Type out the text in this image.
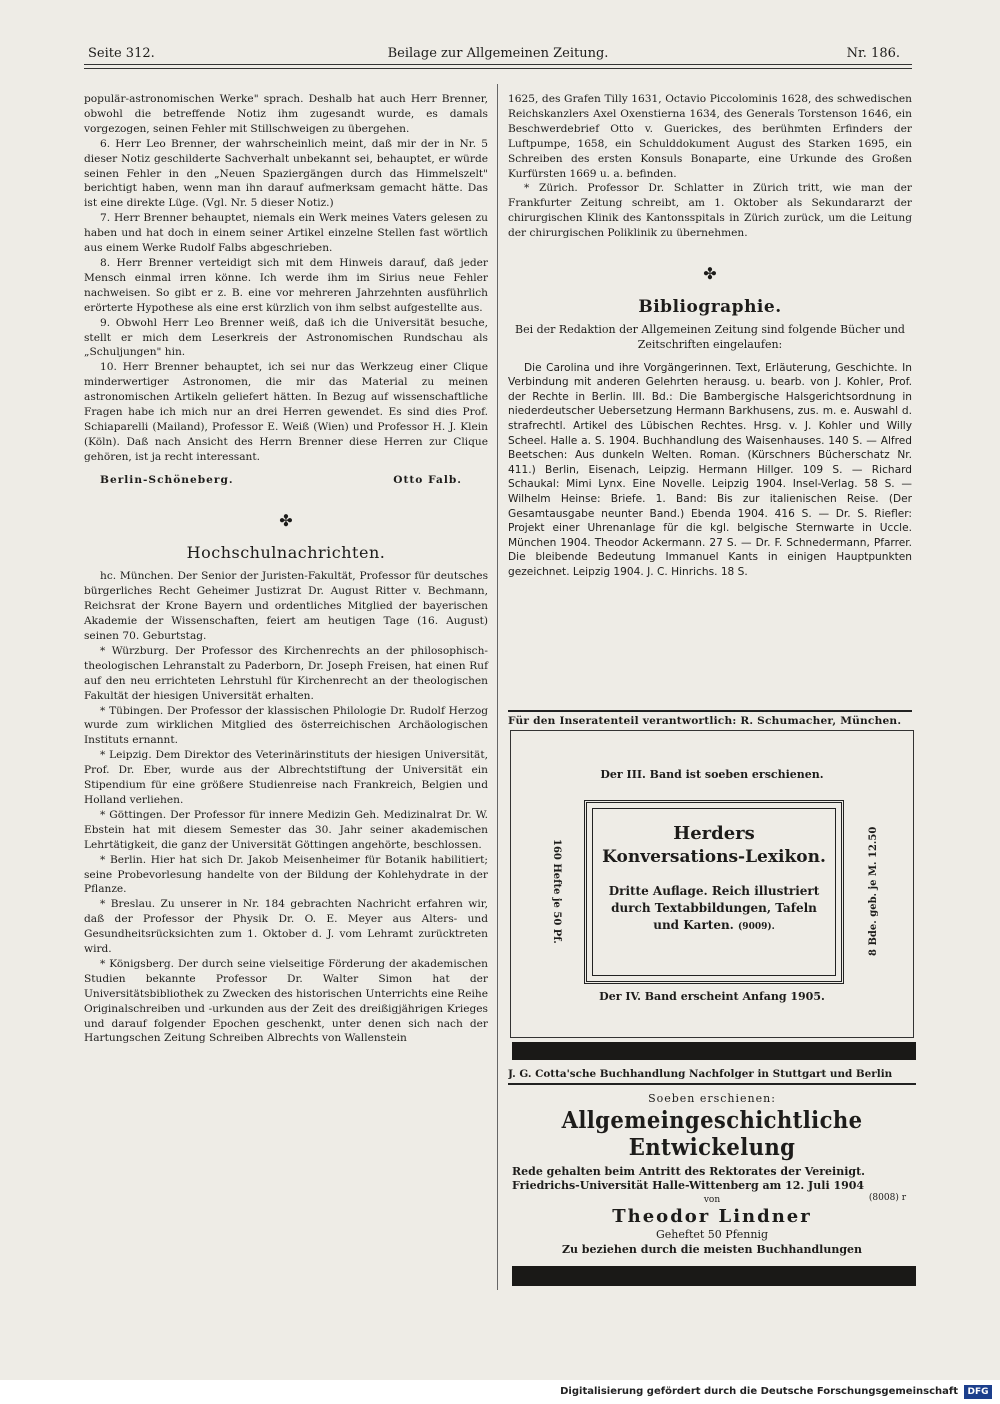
Seite 312.	Beilage zur Allgemeinen Zeitung.	Nr. 186.

populär-astronomischen Werke" sprach. Deshalb hat auch Herr Brenner, obwohl die betreffende Notiz ihm zugesandt wurde, es damals vorgezogen, seinen Fehler mit Stillschweigen zu übergehen.

6. Herr Leo Brenner, der wahrscheinlich meint, daß mir der in Nr. 5 dieser Notiz geschilderte Sachverhalt unbekannt sei, behauptet, er würde seinen Fehler in den „Neuen Spaziergängen durch das Himmelszelt" berichtigt haben, wenn man ihn darauf aufmerksam gemacht hätte. Das ist eine direkte Lüge. (Vgl. Nr. 5 dieser Notiz.)

7. Herr Brenner behauptet, niemals ein Werk meines Vaters gelesen zu haben und hat doch in einem seiner Artikel einzelne Stellen fast wörtlich aus einem Werke Rudolf Falbs abgeschrieben.

8. Herr Brenner verteidigt sich mit dem Hinweis darauf, daß jeder Mensch einmal irren könne. Ich werde ihm im Sirius neue Fehler nachweisen. So gibt er z. B. eine vor mehreren Jahrzehnten ausführlich erörterte Hypothese als eine erst kürzlich von ihm selbst aufgestellte aus.

9. Obwohl Herr Leo Brenner weiß, daß ich die Universität besuche, stellt er mich dem Leserkreis der Astronomischen Rundschau als „Schuljungen" hin.

10. Herr Brenner behauptet, ich sei nur das Werkzeug einer Clique minderwertiger Astronomen, die mir das Material zu meinen astronomischen Artikeln geliefert hätten. In Bezug auf wissenschaftliche Fragen habe ich mich nur an drei Herren gewendet. Es sind dies Prof. Schiaparelli (Mailand), Professor E. Weiß (Wien) und Professor H. J. Klein (Köln). Daß nach Ansicht des Herrn Brenner diese Herren zur Clique gehören, ist ja recht interessant.

Berlin-Schöneberg.	Otto Falb.
✤
Hochschulnachrichten.

hc. München. Der Senior der Juristen-Fakultät, Professor für deutsches bürgerliches Recht Geheimer Justizrat Dr. August Ritter v. Bechmann, Reichsrat der Krone Bayern und ordentliches Mitglied der bayerischen Akademie der Wissenschaften, feiert am heutigen Tage (16. August) seinen 70. Geburtstag.

* Würzburg. Der Professor des Kirchenrechts an der philosophisch-theologischen Lehranstalt zu Paderborn, Dr. Joseph Freisen, hat einen Ruf auf den neu errichteten Lehrstuhl für Kirchenrecht an der theologischen Fakultät der hiesigen Universität erhalten.

* Tübingen. Der Professor der klassischen Philologie Dr. Rudolf Herzog wurde zum wirklichen Mitglied des österreichischen Archäologischen Instituts ernannt.

* Leipzig. Dem Direktor des Veterinärinstituts der hiesigen Universität, Prof. Dr. Eber, wurde aus der Albrechtstiftung der Universität ein Stipendium für eine größere Studienreise nach Frankreich, Belgien und Holland verliehen.

* Göttingen. Der Professor für innere Medizin Geh. Medizinalrat Dr. W. Ebstein hat mit diesem Semester das 30. Jahr seiner akademischen Lehrtätigkeit, die ganz der Universität Göttingen angehörte, beschlossen.

* Berlin. Hier hat sich Dr. Jakob Meisenheimer für Botanik habilitiert; seine Probevorlesung handelte von der Bildung der Kohlehydrate in der Pflanze.

* Breslau. Zu unserer in Nr. 184 gebrachten Nachricht erfahren wir, daß der Professor der Physik Dr. O. E. Meyer aus Alters- und Gesundheitsrücksichten zum 1. Oktober d. J. vom Lehramt zurücktreten wird.

* Königsberg. Der durch seine vielseitige Förderung der akademischen Studien bekannte Professor Dr. Walter Simon hat der Universitätsbibliothek zu Zwecken des historischen Unterrichts eine Reihe Originalschreiben und -urkunden aus der Zeit des dreißigjährigen Krieges und darauf folgender Epochen geschenkt, unter denen sich nach der Hartungschen Zeitung Schreiben Albrechts von Wallenstein

1625, des Grafen Tilly 1631, Octavio Piccolominis 1628, des schwedischen Reichskanzlers Axel Oxenstierna 1634, des Generals Torstenson 1646, ein Beschwerdebrief Otto v. Guerickes, des berühmten Erfinders der Luftpumpe, 1658, ein Schulddokument August des Starken 1695, ein Schreiben des ersten Konsuls Bonaparte, eine Urkunde des Großen Kurfürsten 1669 u. a. befinden.

* Zürich. Professor Dr. Schlatter in Zürich tritt, wie man der Frankfurter Zeitung schreibt, am 1. Oktober als Sekundararzt der chirurgischen Klinik des Kantonsspitals in Zürich zurück, um die Leitung der chirurgischen Poliklinik zu übernehmen.

✤
Bibliographie.
Bei der Redaktion der Allgemeinen Zeitung sind folgende Bücher und Zeitschriften eingelaufen:

Die Carolina und ihre Vorgängerinnen. Text, Erläuterung, Geschichte. In Verbindung mit anderen Gelehrten herausg. u. bearb. von J. Kohler, Prof. der Rechte in Berlin. III. Bd.: Die Bambergische Halsgerichtsordnung in niederdeutscher Uebersetzung Hermann Barkhusens, zus. m. e. Auswahl d. strafrechtl. Artikel des Lübischen Rechtes. Hrsg. v. J. Kohler und Willy Scheel. Halle a. S. 1904. Buchhandlung des Waisenhauses. 140 S. — Alfred Beetschen: Aus dunkeln Welten. Roman. (Kürschners Bücherschatz Nr. 411.) Berlin, Eisenach, Leipzig. Hermann Hillger. 109 S. — Richard Schaukal: Mimi Lynx. Eine Novelle. Leipzig 1904. Insel-Verlag. 58 S. — Wilhelm Heinse: Briefe. 1. Band: Bis zur italienischen Reise. (Der Gesamtausgabe neunter Band.) Ebenda 1904. 416 S. — Dr. S. Riefler: Projekt einer Uhrenanlage für die kgl. belgische Sternwarte in Uccle. München 1904. Theodor Ackermann. 27 S. — Dr. F. Schnedermann, Pfarrer. Die bleibende Bedeutung Immanuel Kants in einigen Hauptpunkten gezeichnet. Leipzig 1904. J. C. Hinrichs. 18 S.

Für den Inseratenteil verantwortlich: R. Schumacher, München.
Der III. Band ist soeben erschienen.
160 Hefte je 50 Pf.	8 Bde. geb. je M. 12.50
Herders
Konversations-Lexikon.
Dritte Auflage. Reich illustriert durch Textabbildungen, Tafeln und Karten. (9009).
Der IV. Band erscheint Anfang 1905.
J. G. Cotta'sche Buchhandlung Nachfolger in Stuttgart und Berlin
Soeben erschienen:
Allgemeingeschichtliche Entwickelung
Rede gehalten beim Antritt des Rektorates der Vereinigt. Friedrichs-Universität Halle-Wittenberg am 12. Juli 1904
von	(8008) r
Theodor Lindner
Geheftet 50 Pfennig
Zu beziehen durch die meisten Buchhandlungen
Digitalisierung gefördert durch die Deutsche Forschungsgemeinschaft	DFG
